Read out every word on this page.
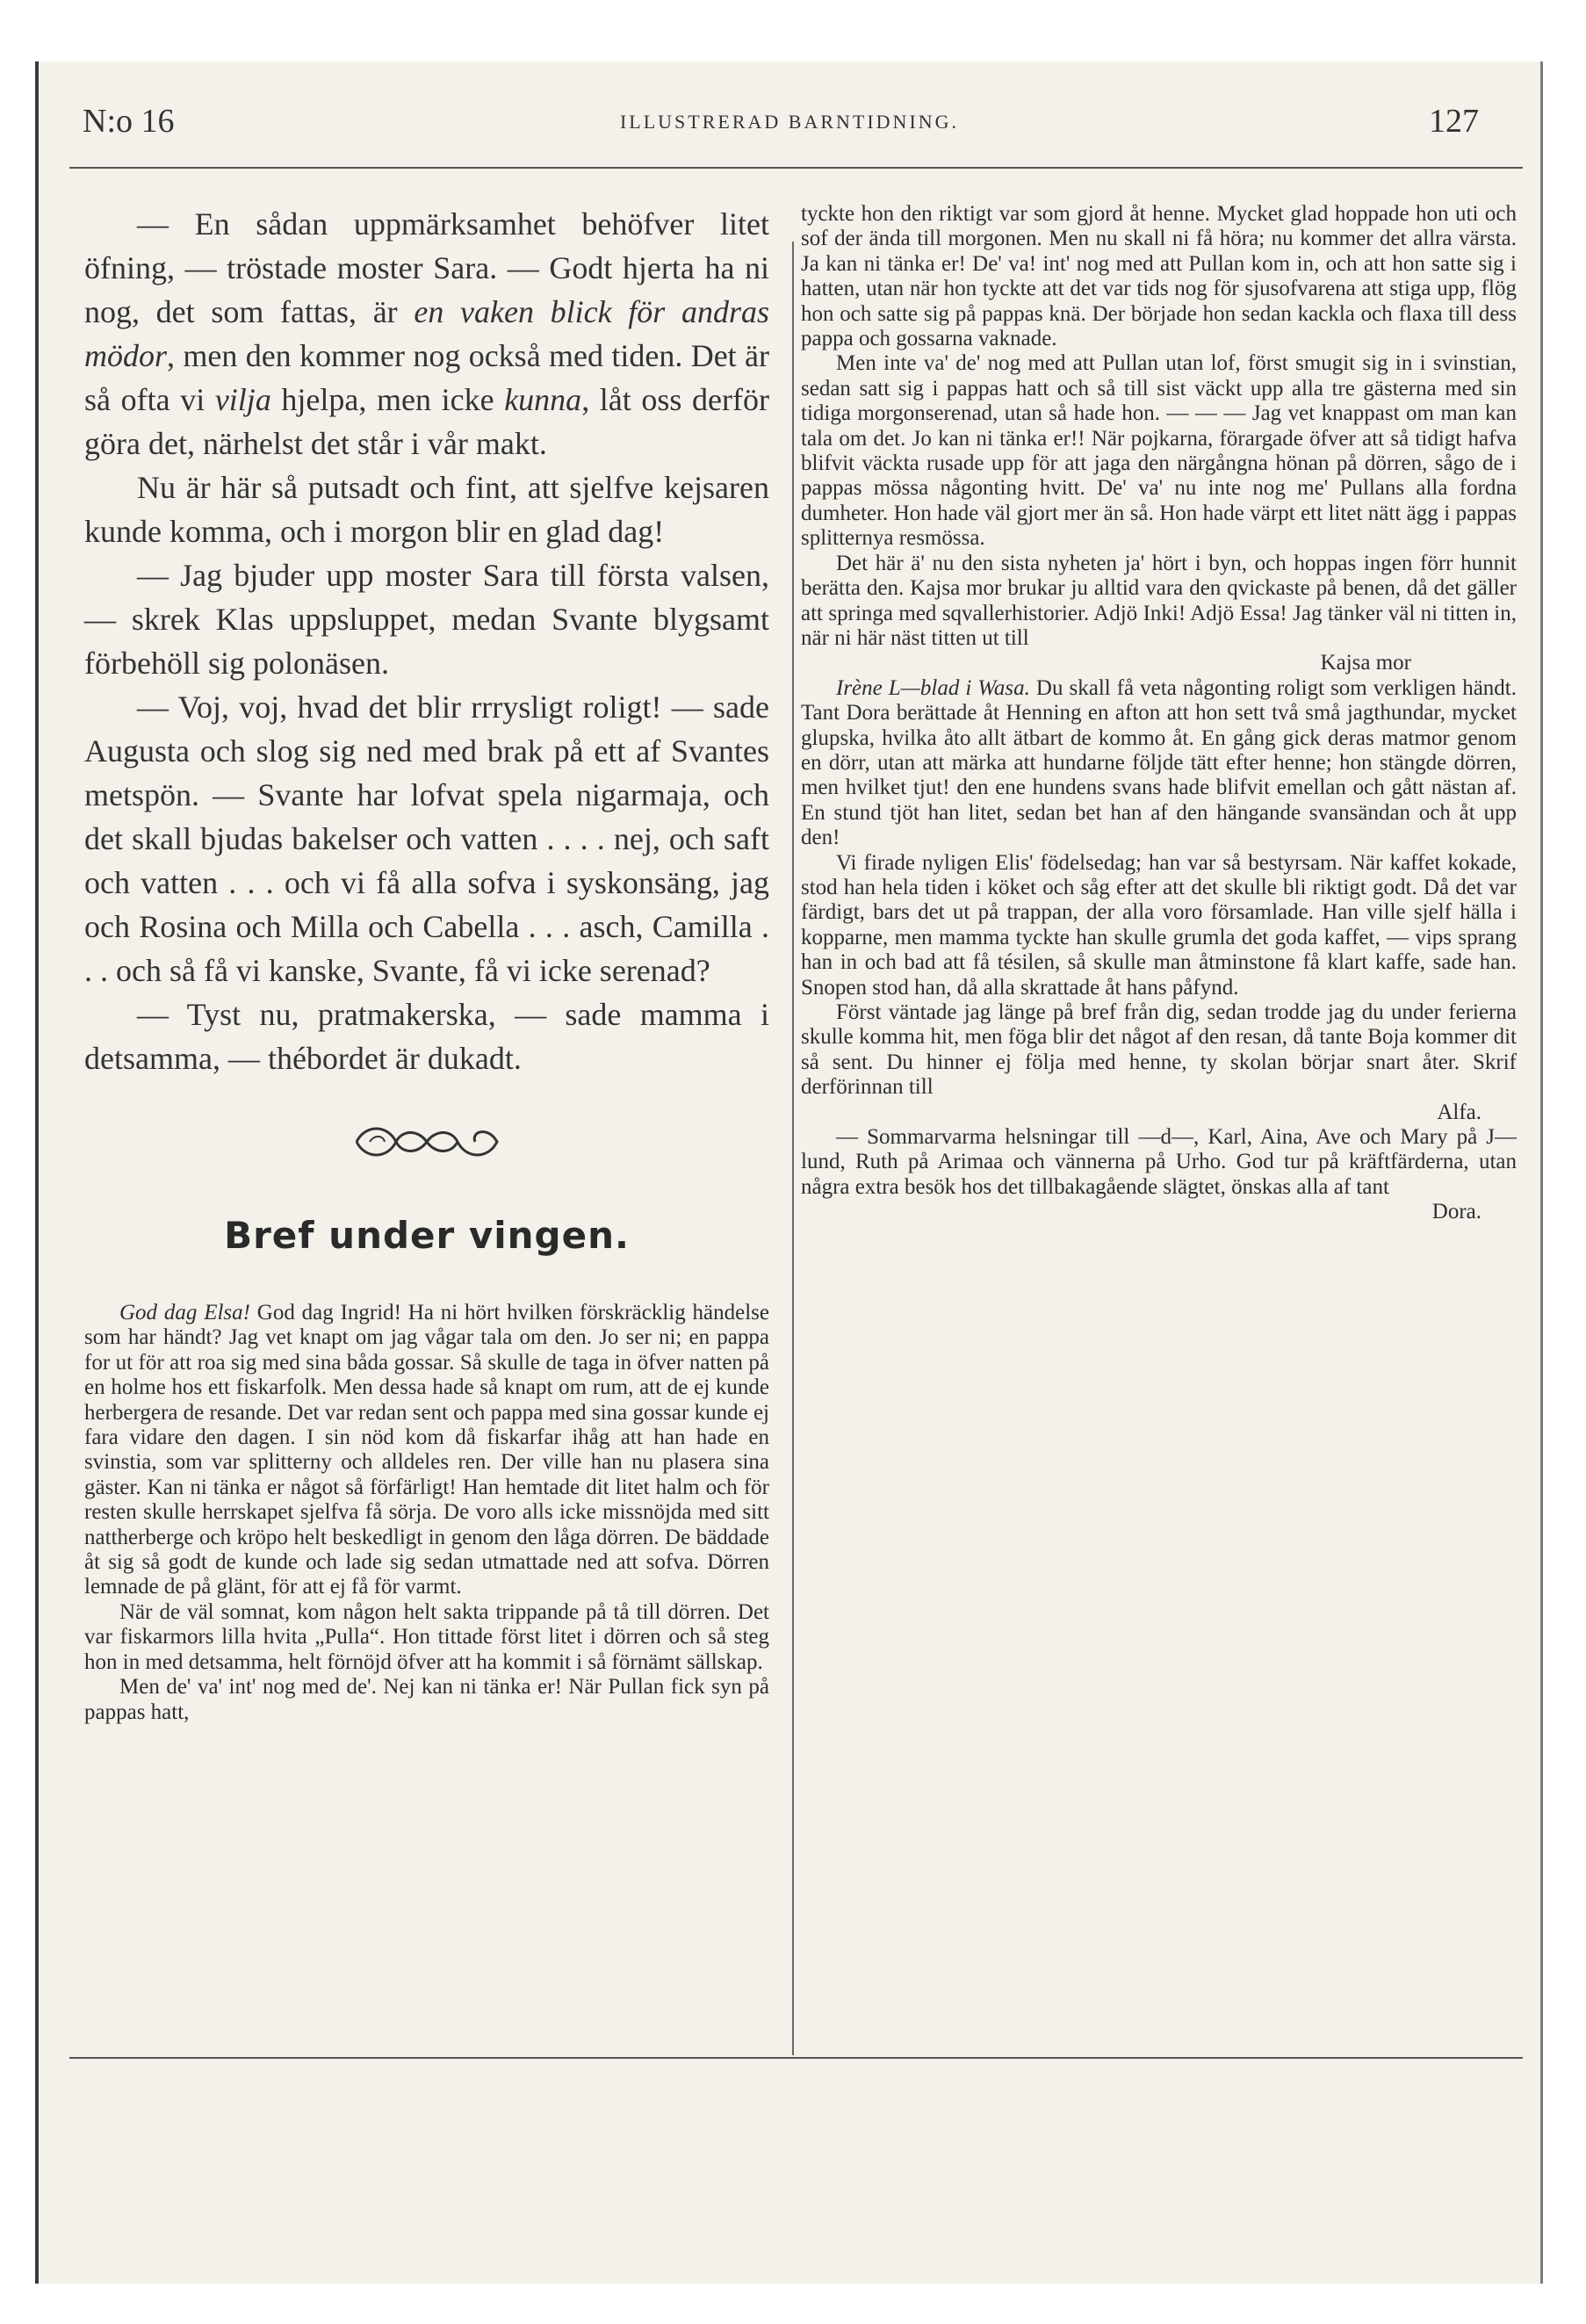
N:o 16	ILLUSTRERAD BARNTIDNING.	127

— En sådan uppmärksamhet behöfver litet öfning, — tröstade moster Sara. — Godt hjerta ha ni nog, det som fattas, är en vaken blick för andras mödor, men den kommer nog också med tiden. Det är så ofta vi vilja hjelpa, men icke kunna, låt oss derför göra det, närhelst det står i vår makt.

Nu är här så putsadt och fint, att sjelfve kejsaren kunde komma, och i morgon blir en glad dag!

— Jag bjuder upp moster Sara till första valsen, — skrek Klas uppsluppet, medan Svante blygsamt förbehöll sig polonäsen.

— Voj, voj, hvad det blir rrrysligt roligt! — sade Augusta och slog sig ned med brak på ett af Svantes metspön. — Svante har lofvat spela nigarmaja, och det skall bjudas bakelser och vatten . . . . nej, och saft och vatten . . . och vi få alla sofva i syskonsäng, jag och Rosina och Milla och Cabella . . . asch, Camilla . . . och så få vi kanske, Svante, få vi icke serenad?

— Tyst nu, pratmakerska, — sade mamma i detsamma, — thébordet är dukadt.

Bref under vingen.

God dag Elsa! God dag Ingrid! Ha ni hört hvilken förskräcklig händelse som har händt? Jag vet knapt om jag vågar tala om den. Jo ser ni; en pappa for ut för att roa sig med sina båda gossar. Så skulle de taga in öfver natten på en holme hos ett fiskarfolk. Men dessa hade så knapt om rum, att de ej kunde herbergera de resande. Det var redan sent och pappa med sina gossar kunde ej fara vidare den dagen. I sin nöd kom då fiskarfar ihåg att han hade en svinstia, som var splitterny och alldeles ren. Der ville han nu plasera sina gäster. Kan ni tänka er något så förfärligt! Han hemtade dit litet halm och för resten skulle herrskapet sjelfva få sörja. De voro alls icke missnöjda med sitt nattherberge och kröpo helt beskedligt in genom den låga dörren. De bäddade åt sig så godt de kunde och lade sig sedan utmattade ned att sofva. Dörren lemnade de på glänt, för att ej få för varmt.

När de väl somnat, kom någon helt sakta trippande på tå till dörren. Det var fiskarmors lilla hvita „Pulla“. Hon tittade först litet i dörren och så steg hon in med detsamma, helt förnöjd öfver att ha kommit i så förnämt sällskap.

Men de' va' int' nog med de'. Nej kan ni tänka er! När Pullan fick syn på pappas hatt,

tyckte hon den riktigt var som gjord åt henne. Mycket glad hoppade hon uti och sof der ända till morgonen. Men nu skall ni få höra; nu kommer det allra värsta. Ja kan ni tänka er! De' va! int' nog med att Pullan kom in, och att hon satte sig i hatten, utan när hon tyckte att det var tids nog för sjusofvarena att stiga upp, flög hon och satte sig på pappas knä. Der började hon sedan kackla och flaxa till dess pappa och gossarna vaknade.

Men inte va' de' nog med att Pullan utan lof, först smugit sig in i svinstian, sedan satt sig i pappas hatt och så till sist väckt upp alla tre gästerna med sin tidiga morgonserenad, utan så hade hon. — — — Jag vet knappast om man kan tala om det. Jo kan ni tänka er!! När pojkarna, förargade öfver att så tidigt hafva blifvit väckta rusade upp för att jaga den närgångna hönan på dörren, sågo de i pappas mössa någonting hvitt. De' va' nu inte nog me' Pullans alla fordna dumheter. Hon hade väl gjort mer än så. Hon hade värpt ett litet nätt ägg i pappas splitternya resmössa.

Det här ä' nu den sista nyheten ja' hört i byn, och hoppas ingen förr hunnit berätta den. Kajsa mor brukar ju alltid vara den qvickaste på benen, då det gäller att springa med sqvallerhistorier. Adjö Inki! Adjö Essa! Jag tänker väl ni titten in, när ni här näst titten ut till

Kajsa mor

Irène L—blad i Wasa. Du skall få veta någonting roligt som verkligen händt. Tant Dora berättade åt Henning en afton att hon sett två små jagthundar, mycket glupska, hvilka åto allt ätbart de kommo åt. En gång gick deras matmor genom en dörr, utan att märka att hundarne följde tätt efter henne; hon stängde dörren, men hvilket tjut! den ene hundens svans hade blifvit emellan och gått nästan af. En stund tjöt han litet, sedan bet han af den hängande svansändan och åt upp den!

Vi firade nyligen Elis' födelsedag; han var så bestyrsam. När kaffet kokade, stod han hela tiden i köket och såg efter att det skulle bli riktigt godt. Då det var färdigt, bars det ut på trappan, der alla voro församlade. Han ville sjelf hälla i kopparne, men mamma tyckte han skulle grumla det goda kaffet, — vips sprang han in och bad att få tésilen, så skulle man åtminstone få klart kaffe, sade han. Snopen stod han, då alla skrattade åt hans påfynd.

Först väntade jag länge på bref från dig, sedan trodde jag du under ferierna skulle komma hit, men föga blir det något af den resan, då tante Boja kommer dit så sent. Du hinner ej följa med henne, ty skolan börjar snart åter. Skrif derförinnan till

Alfa.

— Sommarvarma helsningar till —d—, Karl, Aina, Ave och Mary på J—lund, Ruth på Arimaa och vännerna på Urho. God tur på kräftfärderna, utan några extra besök hos det tillbakagående slägtet, önskas alla af tant

Dora.
